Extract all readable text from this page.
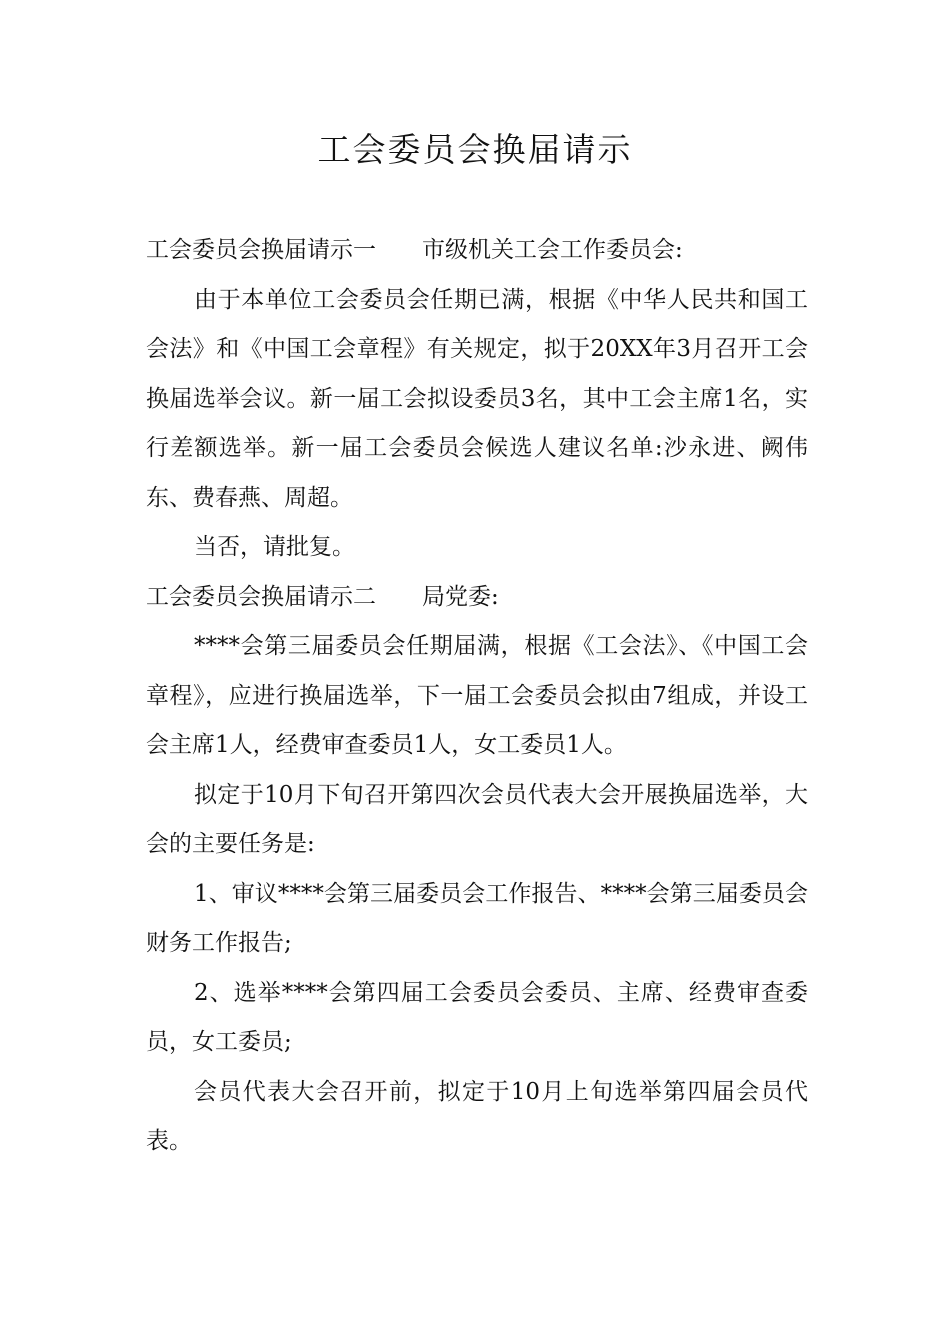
工会委员会换届请示

工会委员会换届请示一 市级机关工会工作委员会:

由于本单位工会委员会任期已满，根据《中华人民共和国工会法》和《中国工会章程》有关规定，拟于20XX年3月召开工会换届选举会议。新一届工会拟设委员3名，其中工会主席1名，实行差额选举。新一届工会委员会候选人建议名单:沙永进、阙伟东、费春燕、周超。

当否，请批复。

工会委员会换届请示二 局党委:

****会第三届委员会任期届满，根据《工会法》、《中国工会章程》，应进行换届选举，下一届工会委员会拟由7组成，并设工会主席1人，经费审查委员1人，女工委员1人。

拟定于10月下旬召开第四次会员代表大会开展换届选举，大会的主要任务是:

1、审议****会第三届委员会工作报告、****会第三届委员会财务工作报告;

2、选举****会第四届工会委员会委员、主席、经费审查委员，女工委员;

会员代表大会召开前，拟定于10月上旬选举第四届会员代表。
